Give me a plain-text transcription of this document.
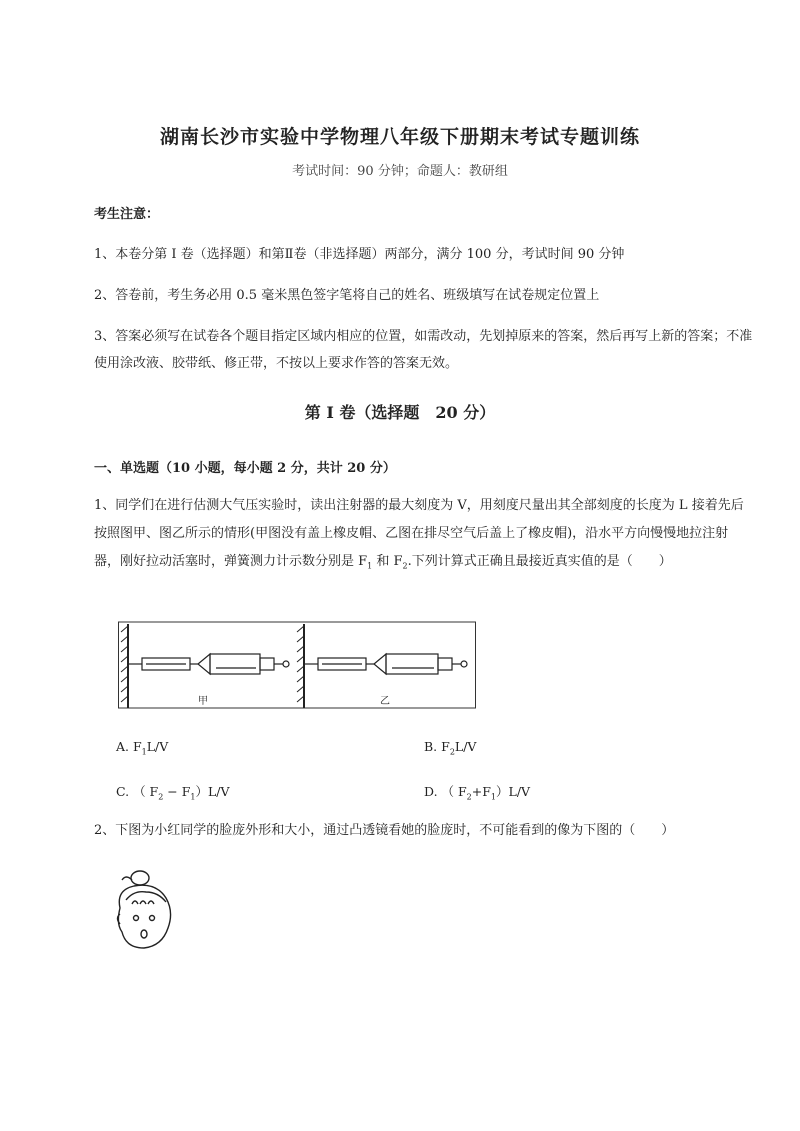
湖南长沙市实验中学物理八年级下册期末考试专题训练
考试时间：90 分钟；命题人：教研组
考生注意：
1、本卷分第 I 卷（选择题）和第Ⅱ卷（非选择题）两部分，满分 100 分，考试时间 90 分钟
2、答卷前，考生务必用 0.5 毫米黑色签字笔将自己的姓名、班级填写在试卷规定位置上
3、答案必须写在试卷各个题目指定区域内相应的位置，如需改动，先划掉原来的答案，然后再写上新的答案；不准使用涂改液、胶带纸、修正带，不按以上要求作答的答案无效。
第 I 卷（选择题　20 分）
一、单选题（10 小题，每小题 2 分，共计 20 分）
1、同学们在进行估测大气压实验时，读出注射器的最大刻度为 V，用刻度尺量出其全部刻度的长度为 L 接着先后按照图甲、图乙所示的情形(甲图没有盖上橡皮帽、乙图在排尽空气后盖上了橡皮帽)，沿水平方向慢慢地拉注射器，刚好拉动活塞时，弹簧测力计示数分别是 $F_1$ 和 $F_2$.下列计算式正确且最接近真实值的是（　　）
甲	乙
A. $F_1L/V$	B. $F_2L/V$
C. （ $F_2 - F_1)L/V$	D. （ $F_2+F_1)L/V$
2、下图为小红同学的脸庞外形和大小，通过凸透镜看她的脸庞时，不可能看到的像为下图的（　　）
